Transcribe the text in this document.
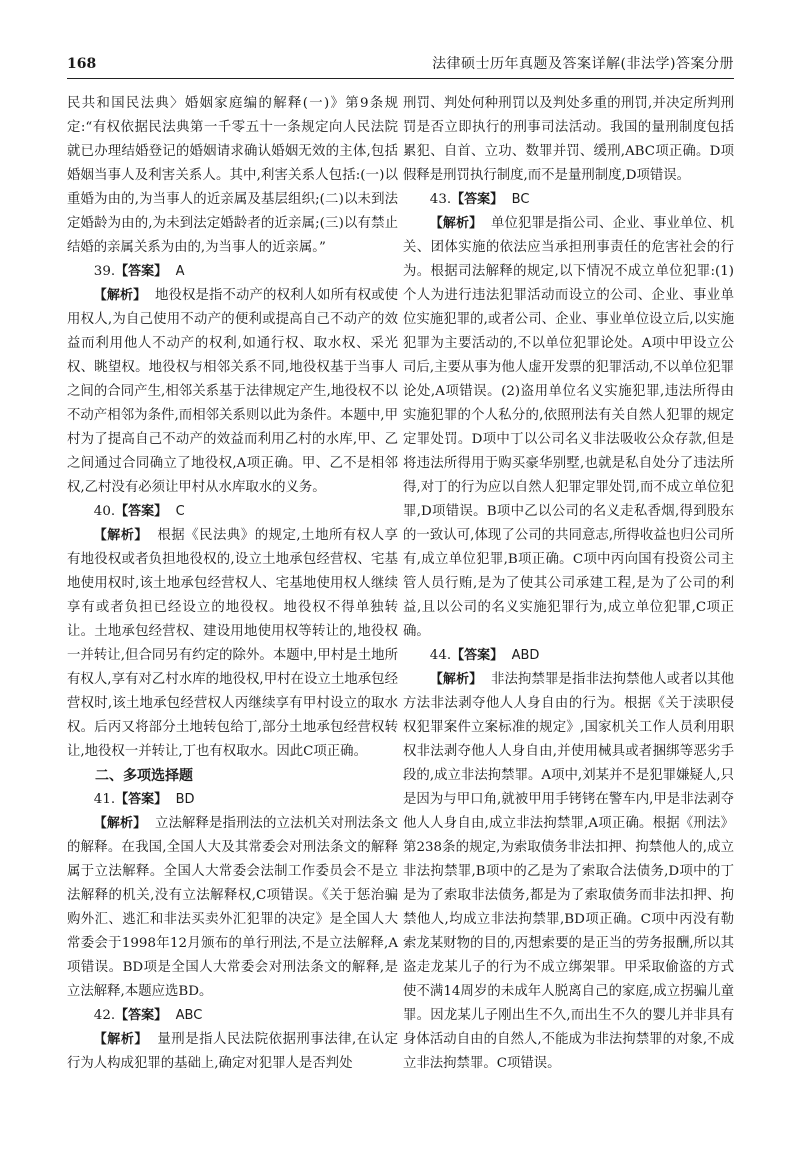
168	法律硕士历年真题及答案详解(非法学)答案分册

民共和国民法典〉婚姻家庭编的解释(一)》第9条规定:“有权依据民法典第一千零五十一条规定向人民法院就已办理结婚登记的婚姻请求确认婚姻无效的主体,包括婚姻当事人及利害关系人。其中,利害关系人包括:(一)以重婚为由的,为当事人的近亲属及基层组织;(二)以未到法定婚龄为由的,为未到法定婚龄者的近亲属;(三)以有禁止结婚的亲属关系为由的,为当事人的近亲属。”

39.【答案】 A

【解析】 地役权是指不动产的权利人如所有权或使用权人,为自己使用不动产的便利或提高自己不动产的效益而利用他人不动产的权利,如通行权、取水权、采光权、眺望权。地役权与相邻关系不同,地役权基于当事人之间的合同产生,相邻关系基于法律规定产生,地役权不以不动产相邻为条件,而相邻关系则以此为条件。本题中,甲村为了提高自己不动产的效益而利用乙村的水库,甲、乙之间通过合同确立了地役权,A项正确。甲、乙不是相邻权,乙村没有必须让甲村从水库取水的义务。

40.【答案】 C

【解析】 根据《民法典》的规定,土地所有权人享有地役权或者负担地役权的,设立土地承包经营权、宅基地使用权时,该土地承包经营权人、宅基地使用权人继续享有或者负担已经设立的地役权。地役权不得单独转让。土地承包经营权、建设用地使用权等转让的,地役权一并转让,但合同另有约定的除外。本题中,甲村是土地所有权人,享有对乙村水库的地役权,甲村在设立土地承包经营权时,该土地承包经营权人丙继续享有甲村设立的取水权。后丙又将部分土地转包给丁,部分土地承包经营权转让,地役权一并转让,丁也有权取水。因此C项正确。

二、多项选择题

41.【答案】 BD

【解析】 立法解释是指刑法的立法机关对刑法条文的解释。在我国,全国人大及其常委会对刑法条文的解释属于立法解释。全国人大常委会法制工作委员会不是立法解释的机关,没有立法解释权,C项错误。《关于惩治骗购外汇、逃汇和非法买卖外汇犯罪的决定》是全国人大常委会于1998年12月颁布的单行刑法,不是立法解释,A项错误。BD项是全国人大常委会对刑法条文的解释,是立法解释,本题应选BD。

42.【答案】 ABC

【解析】 量刑是指人民法院依据刑事法律,在认定行为人构成犯罪的基础上,确定对犯罪人是否判处

刑罚、判处何种刑罚以及判处多重的刑罚,并决定所判刑罚是否立即执行的刑事司法活动。我国的量刑制度包括累犯、自首、立功、数罪并罚、缓刑,ABC项正确。D项假释是刑罚执行制度,而不是量刑制度,D项错误。

43.【答案】 BC

【解析】 单位犯罪是指公司、企业、事业单位、机关、团体实施的依法应当承担刑事责任的危害社会的行为。根据司法解释的规定,以下情况不成立单位犯罪:(1)个人为进行违法犯罪活动而设立的公司、企业、事业单位实施犯罪的,或者公司、企业、事业单位设立后,以实施犯罪为主要活动的,不以单位犯罪论处。A项中甲设立公司后,主要从事为他人虚开发票的犯罪活动,不以单位犯罪论处,A项错误。(2)盗用单位名义实施犯罪,违法所得由实施犯罪的个人私分的,依照刑法有关自然人犯罪的规定定罪处罚。D项中丁以公司名义非法吸收公众存款,但是将违法所得用于购买豪华别墅,也就是私自处分了违法所得,对丁的行为应以自然人犯罪定罪处罚,而不成立单位犯罪,D项错误。B项中乙以公司的名义走私香烟,得到股东的一致认可,体现了公司的共同意志,所得收益也归公司所有,成立单位犯罪,B项正确。C项中丙向国有投资公司主管人员行贿,是为了使其公司承建工程,是为了公司的利益,且以公司的名义实施犯罪行为,成立单位犯罪,C项正确。

44.【答案】 ABD

【解析】 非法拘禁罪是指非法拘禁他人或者以其他方法非法剥夺他人人身自由的行为。根据《关于渎职侵权犯罪案件立案标准的规定》,国家机关工作人员利用职权非法剥夺他人人身自由,并使用械具或者捆绑等恶劣手段的,成立非法拘禁罪。A项中,刘某并不是犯罪嫌疑人,只是因为与甲口角,就被甲用手铐铐在警车内,甲是非法剥夺他人人身自由,成立非法拘禁罪,A项正确。根据《刑法》第238条的规定,为索取债务非法扣押、拘禁他人的,成立非法拘禁罪,B项中的乙是为了索取合法债务,D项中的丁是为了索取非法债务,都是为了索取债务而非法扣押、拘禁他人,均成立非法拘禁罪,BD项正确。C项中丙没有勒索龙某财物的目的,丙想索要的是正当的劳务报酬,所以其盗走龙某儿子的行为不成立绑架罪。甲采取偷盗的方式使不满14周岁的未成年人脱离自己的家庭,成立拐骗儿童罪。因龙某儿子刚出生不久,而出生不久的婴儿并非具有身体活动自由的自然人,不能成为非法拘禁罪的对象,不成立非法拘禁罪。C项错误。
